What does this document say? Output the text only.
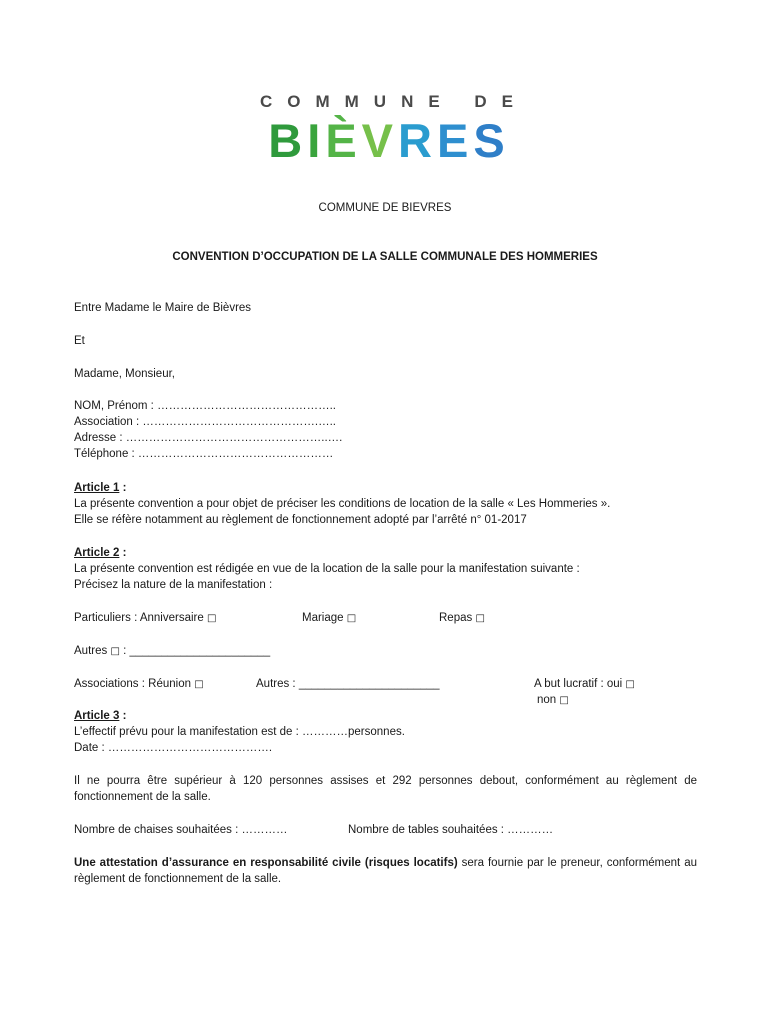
COMMUNE DE
BIÈVRES
COMMUNE DE BIEVRES
CONVENTION D’OCCUPATION DE LA SALLE COMMUNALE DES HOMMERIES
Entre Madame le Maire de Bièvres
Et
Madame, Monsieur,
NOM, Prénom : ………………………………………..
Association : ……………………………………….…..
Adresse : ……………………………………………..….
Téléphone : ……………………………………………
Article 1 :
La présente convention a pour objet de préciser les conditions de location de la salle « Les Hommeries ».
Elle se réfère notamment au règlement de fonctionnement adopté par l’arrêté n° 01-2017
Article 2 :
La présente convention est rédigée en vue de la location de la salle pour la manifestation suivante :
Précisez la nature de la manifestation :
Particuliers : Anniversaire □	Mariage □	Repas □
Autres □ : ______________________
Associations : Réunion □	Autres : ______________________	A but lucratif : oui □
non □
Article 3 :
L’effectif prévu pour la manifestation est de : …………personnes.
Date : …………………………………….
Il ne pourra être supérieur à 120 personnes assises et 292 personnes debout, conformément au règlement de fonctionnement de la salle.
Nombre de chaises souhaitées : …………	Nombre de tables souhaitées : …………
Une attestation d’assurance en responsabilité civile (risques locatifs) sera fournie par le preneur, conformément au règlement de fonctionnement de la salle.
